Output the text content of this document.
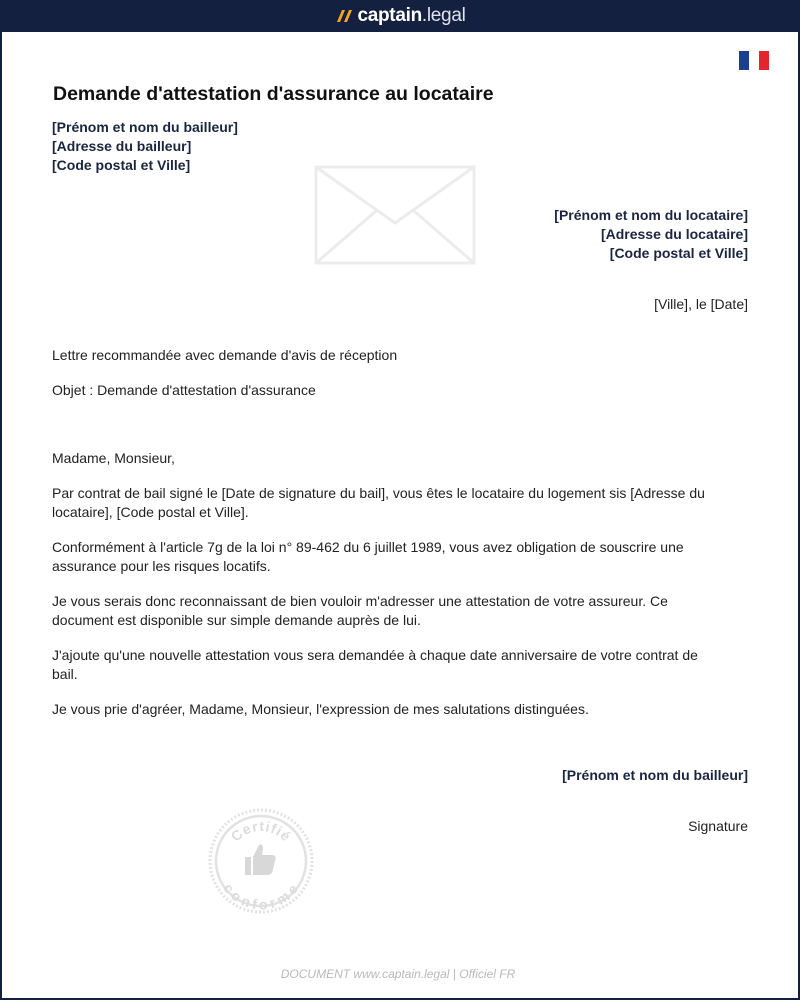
captain.legal
Demande d'attestation d'assurance au locataire
[Prénom et nom du bailleur]
[Adresse du bailleur]
[Code postal et Ville]
[Prénom et nom du locataire]
[Adresse du locataire]
[Code postal et Ville]
[Ville], le [Date]
Lettre recommandée avec demande d'avis de réception
Objet : Demande d'attestation d'assurance

Madame, Monsieur,

Par contrat de bail signé le [Date de signature du bail], vous êtes le locataire du logement sis [Adresse du locataire], [Code postal et Ville].

Conformément à l'article 7g de la loi n° 89-462 du 6 juillet 1989, vous avez obligation de souscrire une assurance pour les risques locatifs.

Je vous serais donc reconnaissant de bien vouloir m'adresser une attestation de votre assureur. Ce document est disponible sur simple demande auprès de lui.

J'ajoute qu'une nouvelle attestation vous sera demandée à chaque date anniversaire de votre contrat de bail.

Je vous prie d'agréer, Madame, Monsieur, l'expression de mes salutations distinguées.

[Prénom et nom du bailleur]
Signature
Certifié
conforme
DOCUMENT www.captain.legal | Officiel FR
